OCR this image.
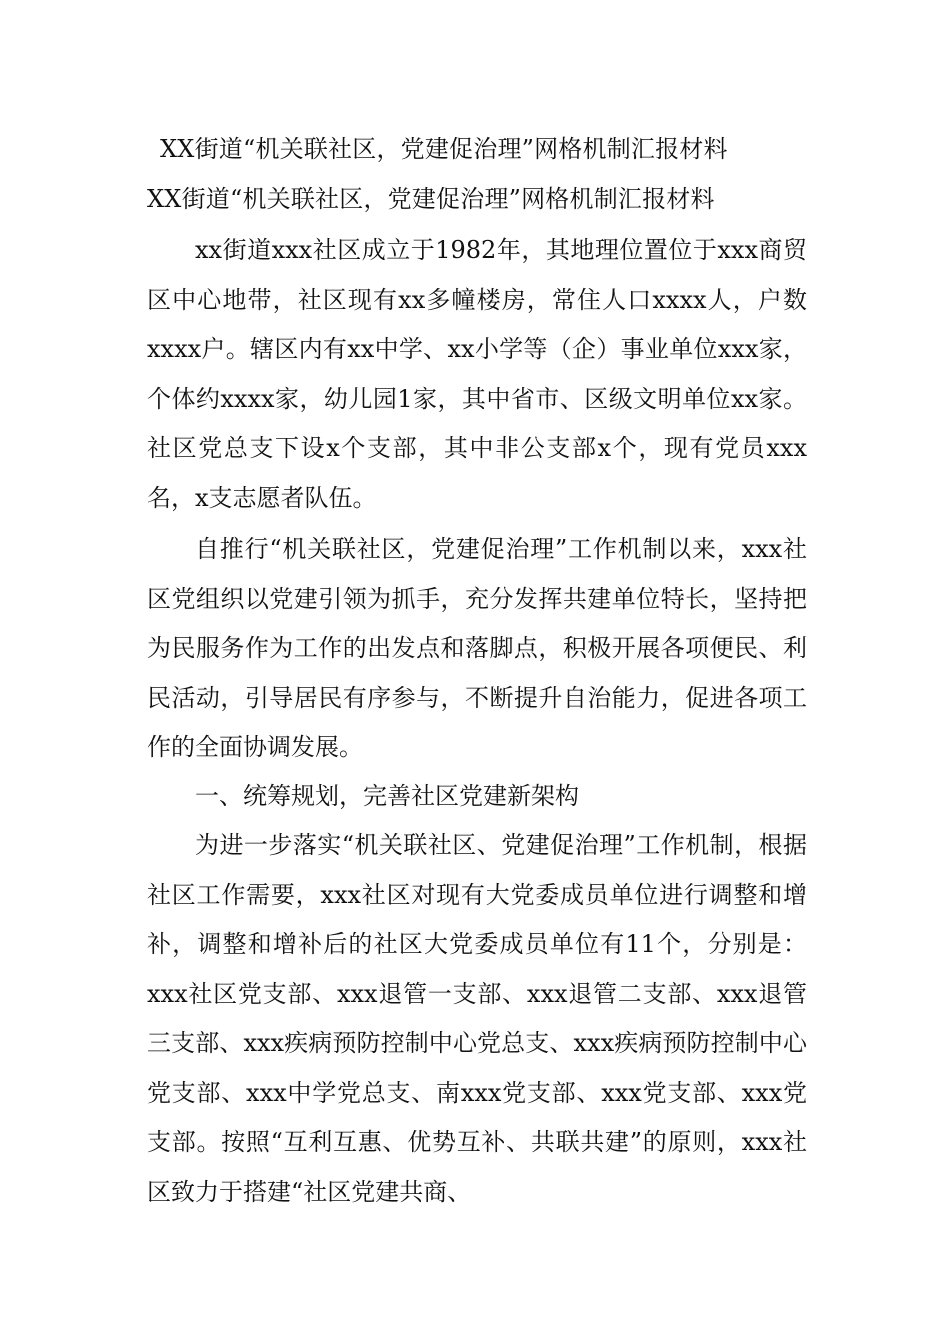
XX街道“机关联社区，党建促治理”网格机制汇报材料
XX街道“机关联社区，党建促治理”网格机制汇报材料

xx街道xxx社区成立于1982年，其地理位置位于xxx商贸区中心地带，社区现有xx多幢楼房，常住人口xxxx人，户数xxxx户。辖区内有xx中学、xx小学等（企）事业单位xxx家，个体约xxxx家，幼儿园1家，其中省市、区级文明单位xx家。社区党总支下设x个支部，其中非公支部x个，现有党员xxx名，x支志愿者队伍。

自推行“机关联社区，党建促治理”工作机制以来，xxx社区党组织以党建引领为抓手，充分发挥共建单位特长，坚持把为民服务作为工作的出发点和落脚点，积极开展各项便民、利民活动，引导居民有序参与，不断提升自治能力，促进各项工作的全面协调发展。

一、统筹规划，完善社区党建新架构

为进一步落实“机关联社区、党建促治理”工作机制，根据社区工作需要，xxx社区对现有大党委成员单位进行调整和增补，调整和增补后的社区大党委成员单位有11个，分别是：xxx社区党支部、xxx退管一支部、xxx退管二支部、xxx退管三支部、xxx疾病预防控制中心党总支、xxx疾病预防控制中心党支部、xxx中学党总支、南xxx党支部、xxx党支部、xxx党支部。按照“互利互惠、优势互补、共联共建”的原则，xxx社区致力于搭建“社区党建共商、
